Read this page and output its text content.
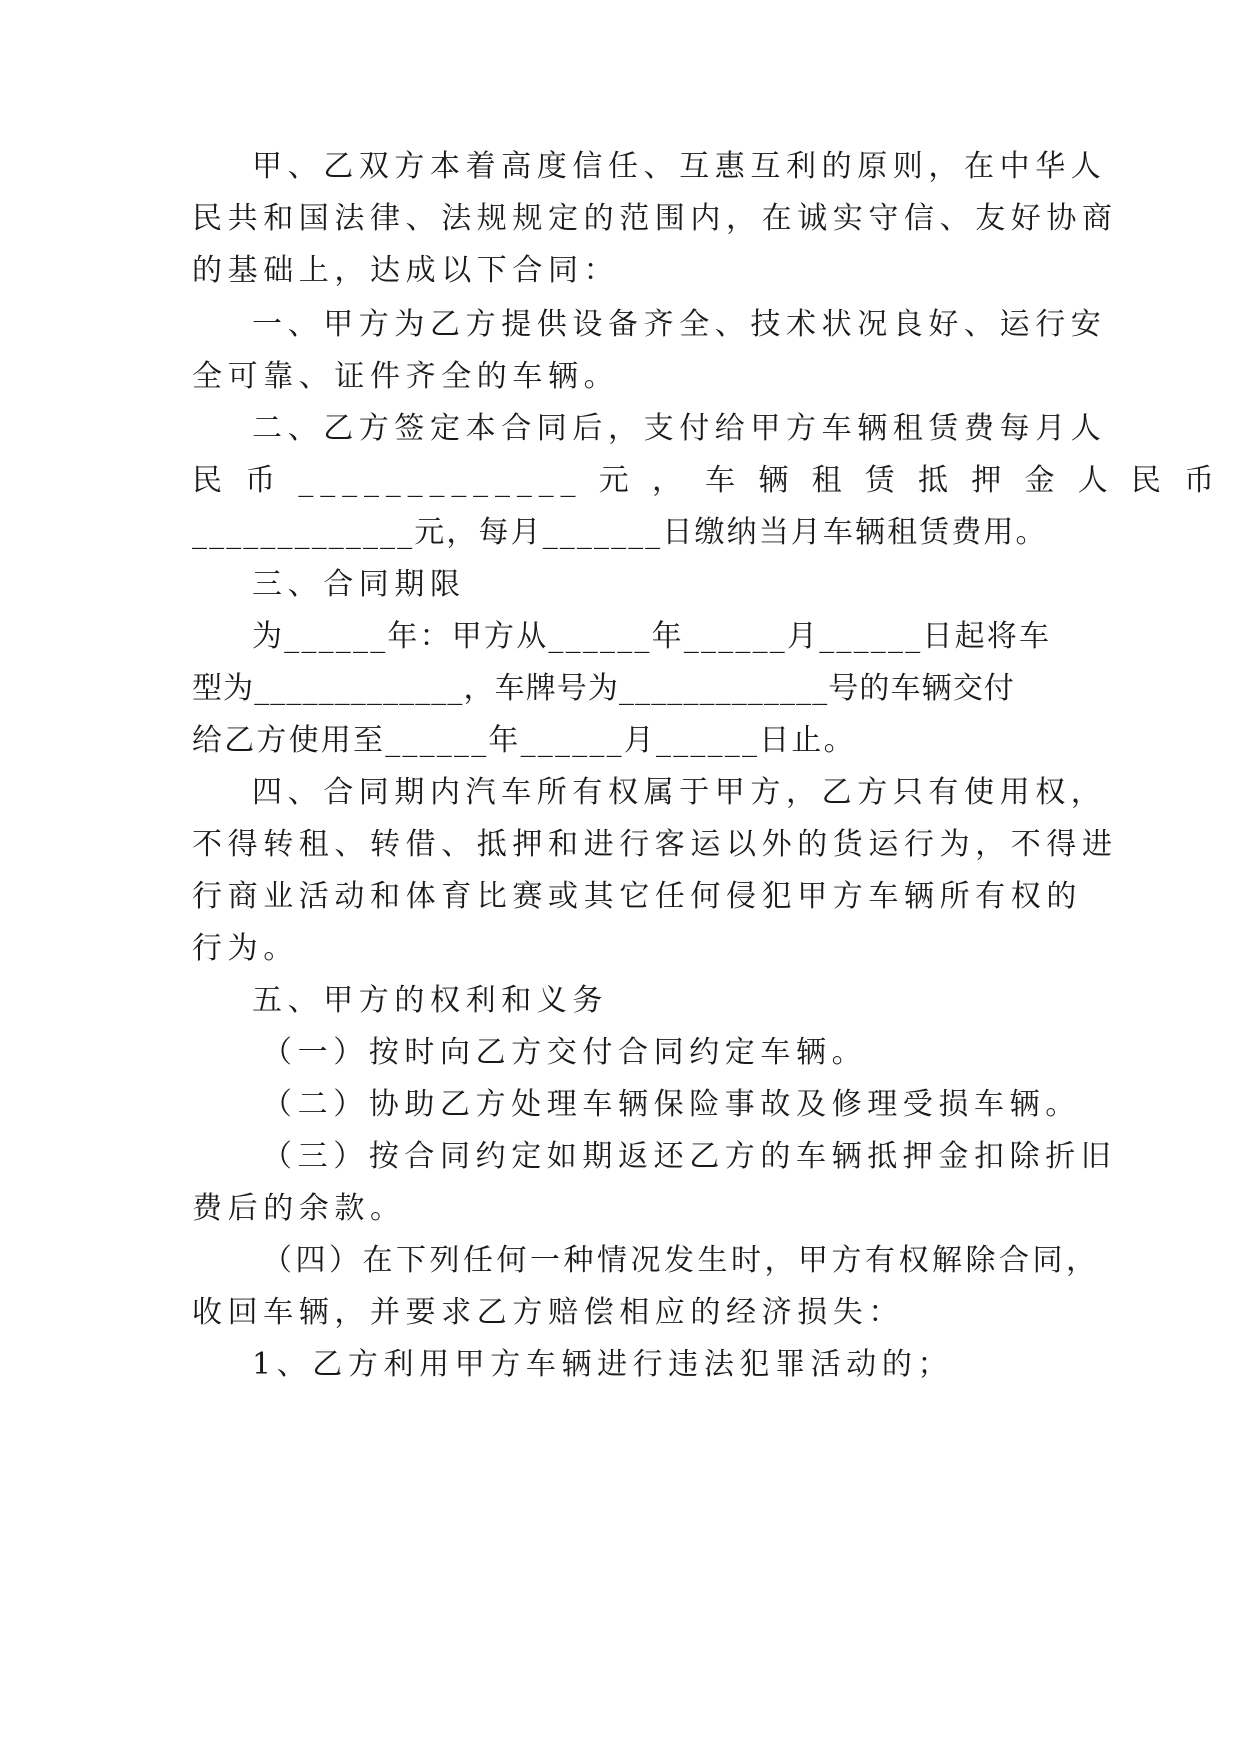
甲、乙双方本着高度信任、互惠互利的原则，在中华人
民共和国法律、法规规定的范围内，在诚实守信、友好协商
的基础上，达成以下合同：
一、甲方为乙方提供设备齐全、技术状况良好、运行安
全可靠、证件齐全的车辆。
二、乙方签定本合同后，支付给甲方车辆租赁费每月人
民 币 _____________ 元 ， 车 辆 租 赁 抵 押 金 人 民 币
_____________元，每月_______日缴纳当月车辆租赁费用。
三、合同期限
为______年：甲方从______年______月______日起将车
型为_____________，车牌号为_____________号的车辆交付
给乙方使用至______年______月______日止。
四、合同期内汽车所有权属于甲方，乙方只有使用权，
不得转租、转借、抵押和进行客运以外的货运行为，不得进
行商业活动和体育比赛或其它任何侵犯甲方车辆所有权的
行为。
五、甲方的权利和义务
（一）按时向乙方交付合同约定车辆。
（二）协助乙方处理车辆保险事故及修理受损车辆。
（三）按合同约定如期返还乙方的车辆抵押金扣除折旧
费后的余款。
（四）在下列任何一种情况发生时，甲方有权解除合同，
收回车辆，并要求乙方赔偿相应的经济损失：
1、乙方利用甲方车辆进行违法犯罪活动的；
